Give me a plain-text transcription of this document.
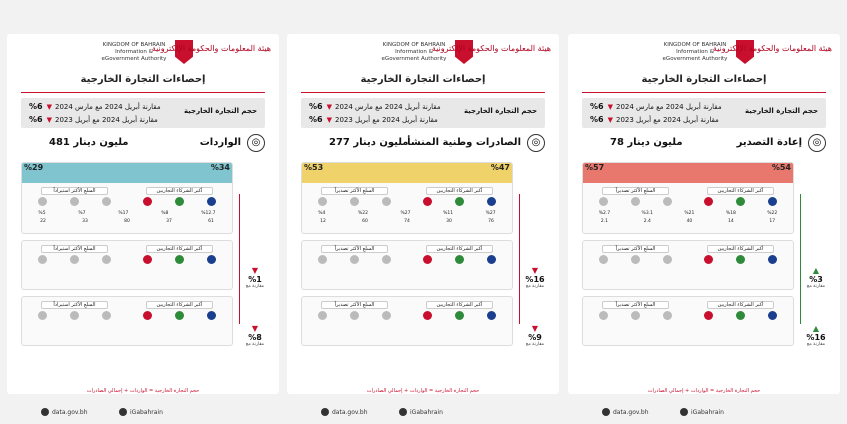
KINGDOM OF BAHRAIN Information & eGovernment Authority
هيئة المعلومات والحكومة الإلكترونية
إحصاءات التجارة الخارجية
حجم التجارة الخارجية
%6 ▼ مقارنة أبريل 2024 مع مارس 2024
%6 ▼ مقارنة أبريل 2024 مع أبريل 2023
إعادة التصدير
78 مليون دينار	◎
%57	%54
السلع الأكثر تصديراً	أكبر الشركاء التجاريين
%2.7	%3.1	%21	%18	%22
2.1	2.4	40	14	17
السلع الأكثر تصديراً	أكبر الشركاء التجاريين
السلع الأكثر تصديراً	أكبر الشركاء التجاريين
▲
%3
مقارنة مع
▲
%16
مقارنة مع
حجم التجارة الخارجية = الواردات + إجمالي الصادرات
data.gov.bh	iGabahrain
KINGDOM OF BAHRAIN Information & eGovernment Authority
هيئة المعلومات والحكومة الإلكترونية
إحصاءات التجارة الخارجية
حجم التجارة الخارجية
%6 ▼ مقارنة أبريل 2024 مع مارس 2024
%6 ▼ مقارنة أبريل 2024 مع أبريل 2023
الصادرات وطنية المنشأ
277 مليون دينار	◎
%53	%47
السلع الأكثر تصديراً	أكبر الشركاء التجاريين
%4	%22	%27	%11	%27
12	60	74	30	76
السلع الأكثر تصديراً	أكبر الشركاء التجاريين
السلع الأكثر تصديراً	أكبر الشركاء التجاريين
▼
%16
مقارنة مع
▼
%9
مقارنة مع
حجم التجارة الخارجية = الواردات + إجمالي الصادرات
data.gov.bh	iGabahrain
KINGDOM OF BAHRAIN Information & eGovernment Authority
هيئة المعلومات والحكومة الإلكترونية
إحصاءات التجارة الخارجية
حجم التجارة الخارجية
%6 ▼ مقارنة أبريل 2024 مع مارس 2024
%6 ▼ مقارنة أبريل 2024 مع أبريل 2023
الواردات
481 مليون دينار	◎
%29	%34
السلع الأكثر استيراداً	أكبر الشركاء التجاريين
%5	%7	%17	%8	%12.7
22	33	80	37	61
السلع الأكثر استيراداً	أكبر الشركاء التجاريين
السلع الأكثر استيراداً	أكبر الشركاء التجاريين
▼
%1
مقارنة مع
▼
%8
مقارنة مع
حجم التجارة الخارجية = الواردات + إجمالي الصادرات
data.gov.bh	iGabahrain
